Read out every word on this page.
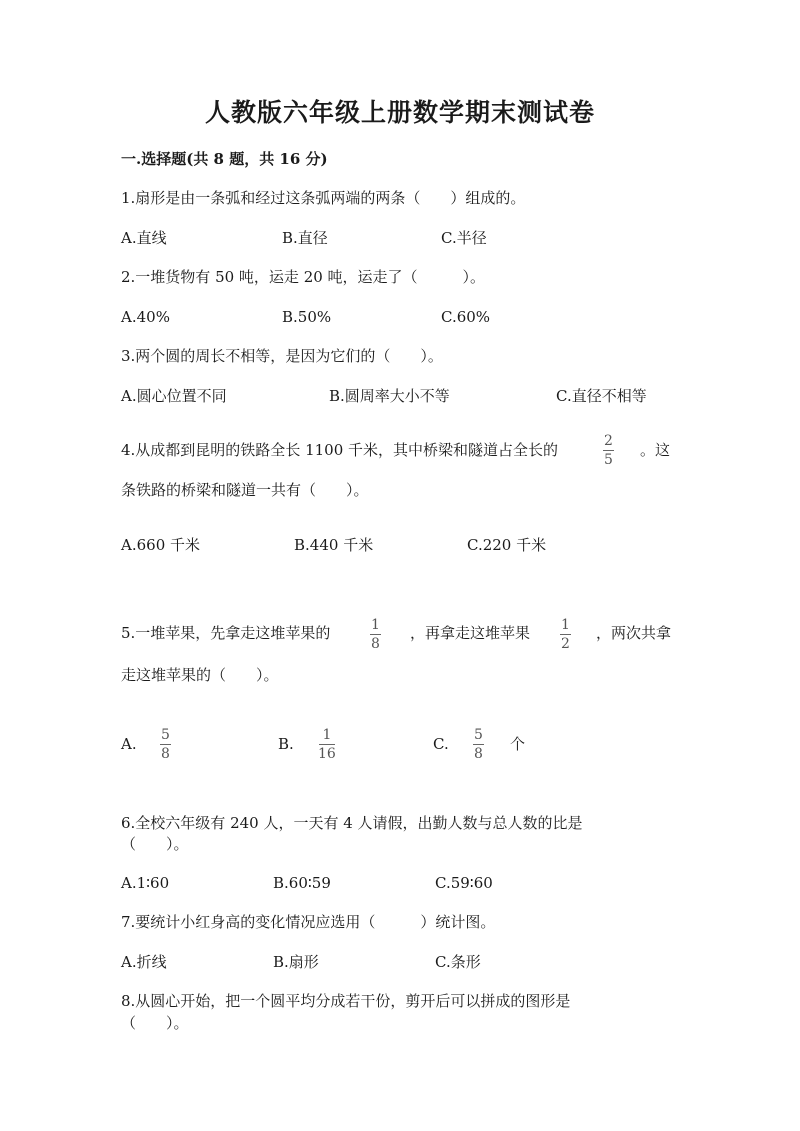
人教版六年级上册数学期末测试卷
一.选择题(共 8 题，共 16 分)
1.扇形是由一条弧和经过这条弧两端的两条（　　）组成的。
A.直线	B.直径	C.半径
2.一堆货物有 50 吨，运走 20 吨，运走了（　　　）。
A.40%	B.50%	C.60%
3.两个圆的周长不相等，是因为它们的（　　）。
A.圆心位置不同	B.圆周率大小不等	C.直径不相等
4.从成都到昆明的铁路全长 1100 千米，其中桥梁和隧道占全长的	2
5
。这
条铁路的桥梁和隧道一共有（　　）。
A.660 千米	B.440 千米	C.220 千米
5.一堆苹果，先拿走这堆苹果的	1
8
，再拿走这堆苹果 1
2
，两次共拿
走这堆苹果的（　　）。
A. 5
8
B. 1
16
C. 5
8
个
6.全校六年级有 240 人，一天有 4 人请假，出勤人数与总人数的比是
（　　）。
A.1∶60	B.60∶59	C.59∶60
7.要统计小红身高的变化情况应选用（　　　）统计图。
A.折线	B.扇形	C.条形
8.从圆心开始，把一个圆平均分成若干份，剪开后可以拼成的图形是
（　　）。
